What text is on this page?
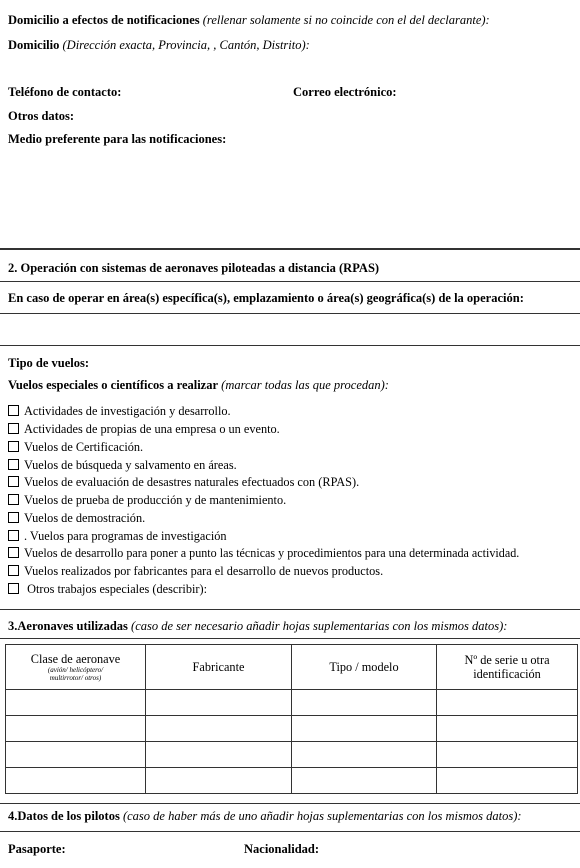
Domicilio a efectos de notificaciones (rellenar solamente si no coincide con el del declarante):
Domicilio (Dirección exacta, Provincia, , Cantón, Distrito):
Teléfono de contacto:	Correo electrónico:
Otros datos:
Medio preferente para las notificaciones:
2. Operación con sistemas de aeronaves piloteadas a distancia (RPAS)
En caso de operar en área(s) específica(s), emplazamiento o área(s) geográfica(s) de la operación:
Tipo de vuelos:
Vuelos especiales o científicos a realizar (marcar todas las que procedan):
Actividades de investigación y desarrollo.
Actividades de propias de una empresa o un evento.
Vuelos de Certificación.
Vuelos de búsqueda y salvamento en áreas.
Vuelos de evaluación de desastres naturales efectuados con (RPAS).
Vuelos de prueba de producción y de mantenimiento.
Vuelos de demostración.
. Vuelos para programas de investigación
Vuelos de desarrollo para poner a punto las técnicas y procedimientos para una determinada actividad.
Vuelos realizados por fabricantes para el desarrollo de nuevos productos.
Otros trabajos especiales (describir):
3.Aeronaves utilizadas (caso de ser necesario añadir hojas suplementarias con los mismos datos):
Clase de aeronave
(avión/ helicóptero/
multirrotor/ otros)	Fabricante	Tipo / modelo	Nº de serie u otra
identificación

4.Datos de los pilotos (caso de haber más de uno añadir hojas suplementarias con los mismos datos):
Pasaporte:	Nacionalidad:
